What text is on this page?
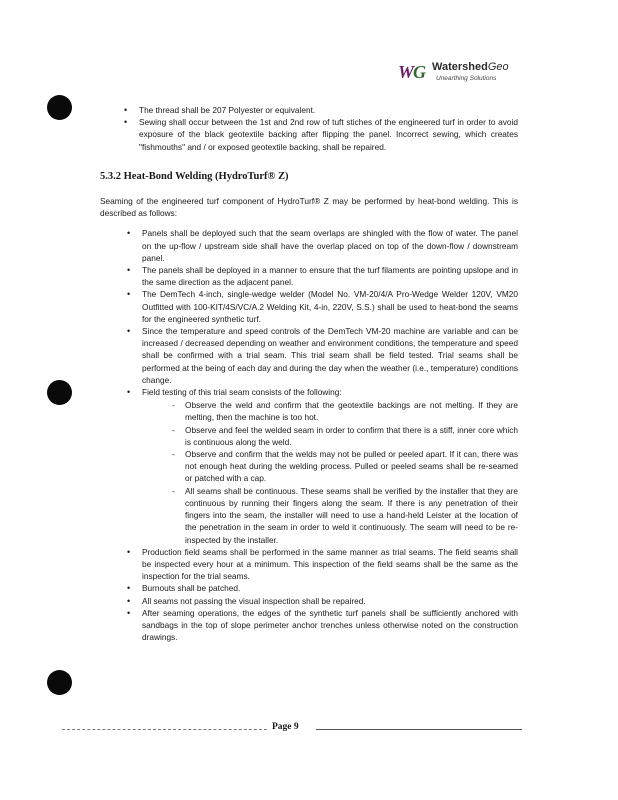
WG WatershedGeo
Unearthing Solutions
• The thread shall be 207 Polyester or equivalent.
• Sewing shall occur between the 1st and 2nd row of tuft stiches of the engineered turf in order to avoid exposure of the black geotextile backing after flipping the panel. Incorrect sewing, which creates "fishmouths" and / or exposed geotextile backing, shall be repaired.
5.3.2 Heat-Bond Welding (HydroTurf® Z)

Seaming of the engineered turf component of HydroTurf® Z may be performed by heat-bond welding. This is described as follows:

• Panels shall be deployed such that the seam overlaps are shingled with the flow of water. The panel on the up-flow / upstream side shall have the overlap placed on top of the down-flow / downstream panel.
• The panels shall be deployed in a manner to ensure that the turf filaments are pointing upslope and in the same direction as the adjacent panel.
• The DemTech 4-inch, single-wedge welder (Model No. VM-20/4/A Pro-Wedge Welder 120V, VM20 Outfitted with 100-KIT/4S/VC/A.2 Welding Kit, 4-in, 220V, S.S.) shall be used to heat-bond the seams for the engineered synthetic turf.
• Since the temperature and speed controls of the DemTech VM-20 machine are variable and can be increased / decreased depending on weather and environment conditions, the temperature and speed shall be confirmed with a trial seam. This trial seam shall be field tested. Trial seams shall be performed at the being of each day and during the day when the weather (i.e., temperature) conditions change.
• Field testing of this trial seam consists of the following:
- Observe the weld and confirm that the geotextile backings are not melting. If they are melting, then the machine is too hot.
- Observe and feel the welded seam in order to confirm that there is a stiff, inner core which is continuous along the weld.
- Observe and confirm that the welds may not be pulled or peeled apart. If it can, there was not enough heat during the welding process. Pulled or peeled seams shall be re-seamed or patched with a cap.
- All seams shall be continuous. These seams shall be verified by the installer that they are continuous by running their fingers along the seam. If there is any penetration of their fingers into the seam, the installer will need to use a hand-held Leister at the location of the penetration in the seam in order to weld it continuously. The seam will need to be re-inspected by the installer.
• Production field seams shall be performed in the same manner as trial seams. The field seams shall be inspected every hour at a minimum. This inspection of the field seams shall be the same as the inspection for the trial seams.
• Burnouts shall be patched.
• All seams not passing the visual inspection shall be repaired.
• After seaming operations, the edges of the synthetic turf panels shall be sufficiently anchored with sandbags in the top of slope perimeter anchor trenches unless otherwise noted on the construction drawings.
Page 9
